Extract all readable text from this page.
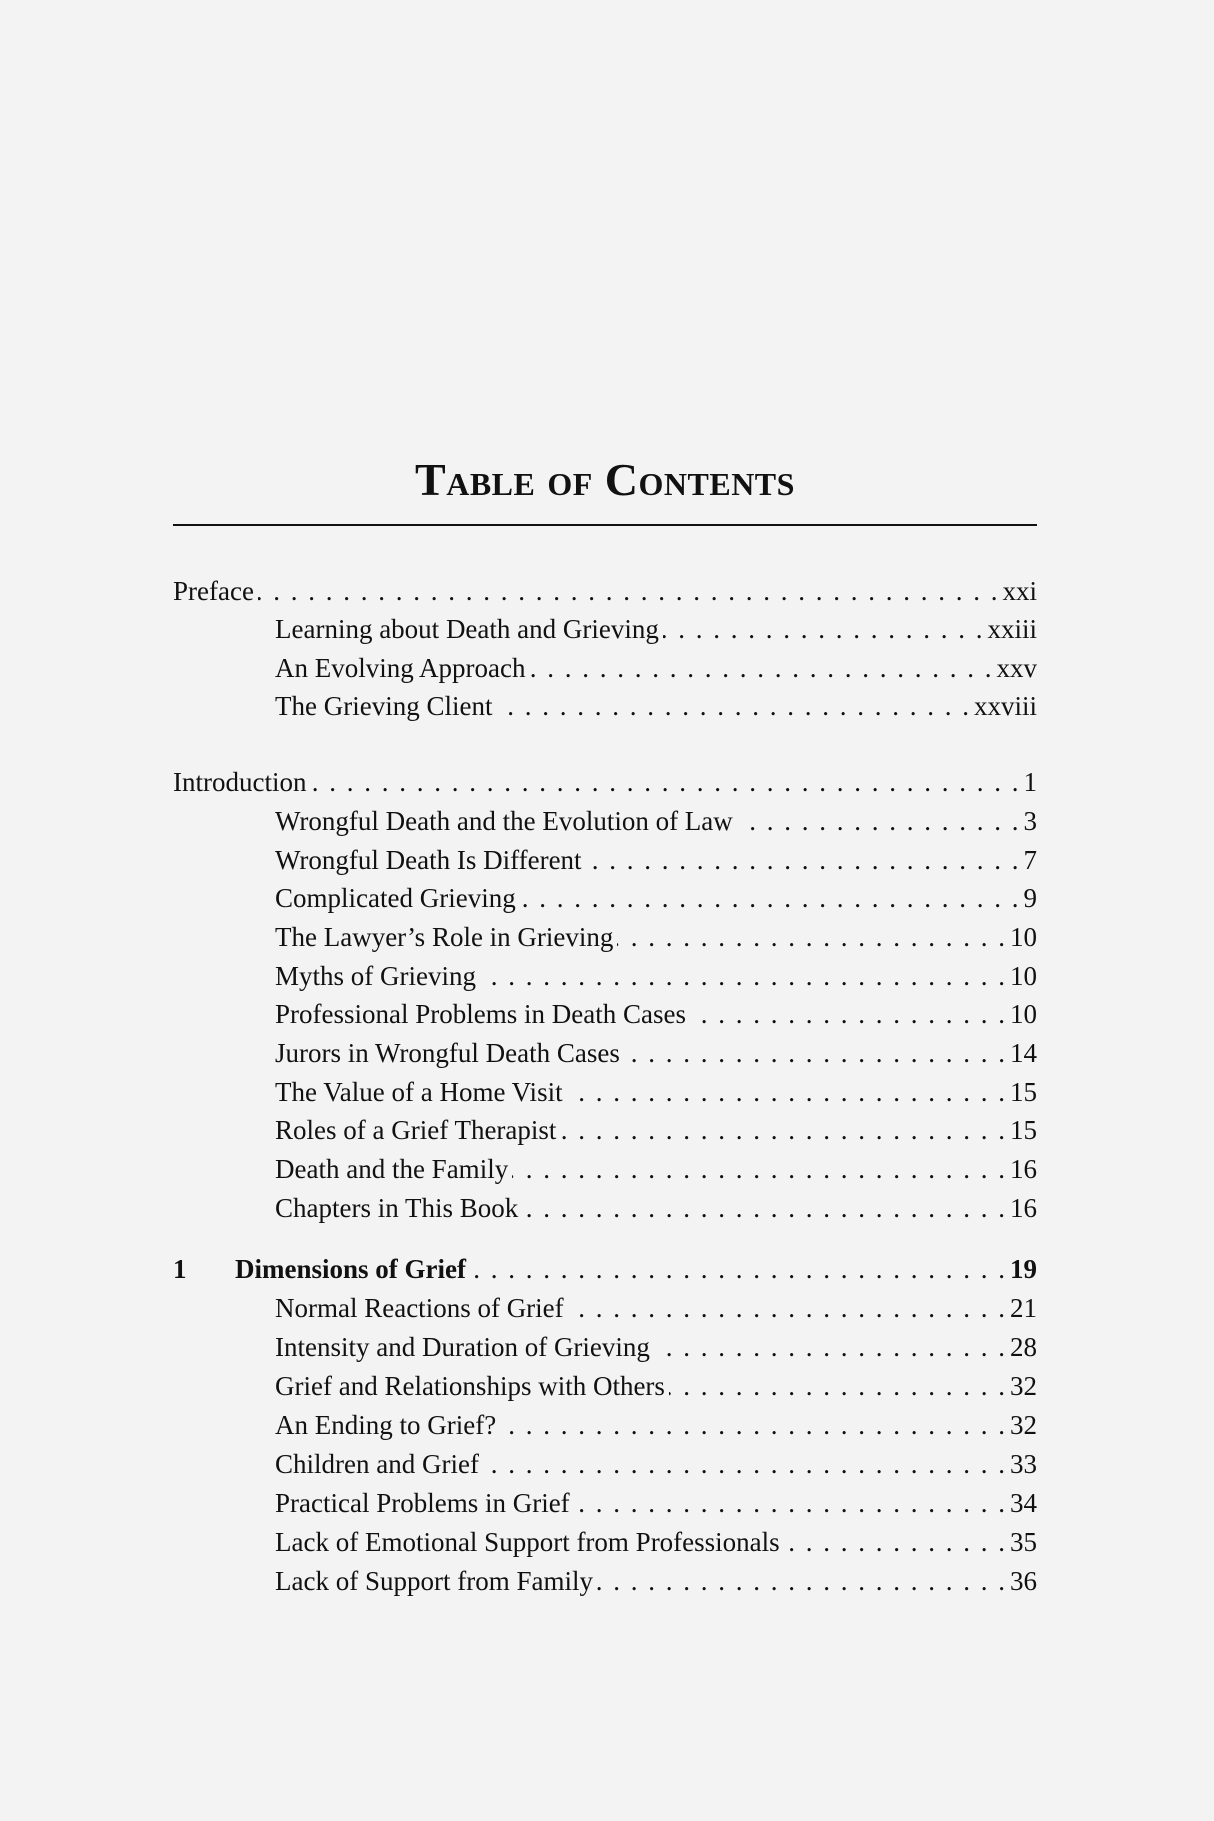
Table of Contents
Preface . . .	xxi
Learning about Death and Grieving . . .	xxiii
An Evolving Approach . . .	xxv
The Grieving Client . . .	xxviii
Introduction . . .	1
Wrongful Death and the Evolution of Law . . .	3
Wrongful Death Is Different . . .	7
Complicated Grieving . . .	9
The Lawyer’s Role in Grieving . . .	10
Myths of Grieving . . .	10
Professional Problems in Death Cases . . .	10
Jurors in Wrongful Death Cases . . .	14
The Value of a Home Visit . . .	15
Roles of a Grief Therapist . . .	15
Death and the Family . . .	16
Chapters in This Book . . .	16
1	Dimensions of Grief . . .	19
Normal Reactions of Grief . . .	21
Intensity and Duration of Grieving . . .	28
Grief and Relationships with Others . . .	32
An Ending to Grief? . . .	32
Children and Grief . . .	33
Practical Problems in Grief . . .	34
Lack of Emotional Support from Professionals . . .	35
Lack of Support from Family . . .	36
